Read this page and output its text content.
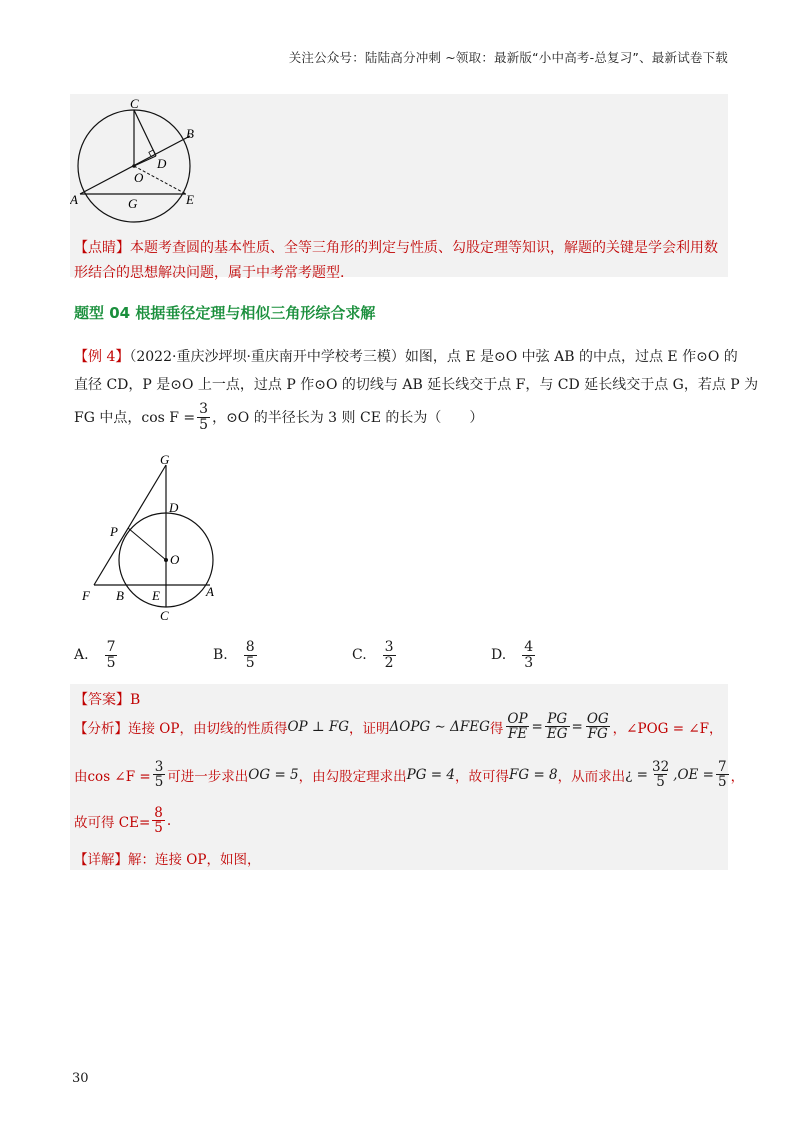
关注公众号：陆陆高分冲刺 ~领取：最新版“小中高考-总复习”、最新试卷下载
C
B
D
O
A	G	E
【点睛】本题考查圆的基本性质、全等三角形的判定与性质、勾股定理等知识，解题的关键是学会利用数
形结合的思想解决问题，属于中考常考题型.
题型 04 根据垂径定理与相似三角形综合求解
【例 4】（2022·重庆沙坪坝·重庆南开中学校考三模）如图，点 E 是⊙O 中弦 AB 的中点，过点 E 作⊙O 的
直径 CD，P 是⊙O 上一点，过点 P 作⊙O 的切线与 AB 延长线交于点 F，与 CD 延长线交于点 G，若点 P 为
FG 中点，$\cos F = \frac{3}{5}$ ，⊙O 的半径长为 3 则 CE 的长为（　　）
G
D
P
O
F B E	A
C
A. $\frac{7}{5}$	B. $\frac{8}{5}$	C. $\frac{3}{2}$	D. $\frac{4}{3}$
【答案】B
【分析】 连接 OP，由切线的性质得 OP ⊥ FG ，证明 ΔOPG ∼ ΔFEG 得 $\frac{OP}{FE} = \frac{PG}{EG} = \frac{OG}{FG}$ ，∠POG = ∠F，
由cos ∠F = $\frac{3}{5}$ 可进一步求出 OG = 5 ，由勾股定理求出 PG = 4 ，故可得 FG = 8 ，从而求出 ¿ = $\frac{32}{5} ,OE = \frac{7}{5}$ ，
故可得 $CE= \frac{8}{5}$ .
【详解】解：连接 OP，如图，
30
